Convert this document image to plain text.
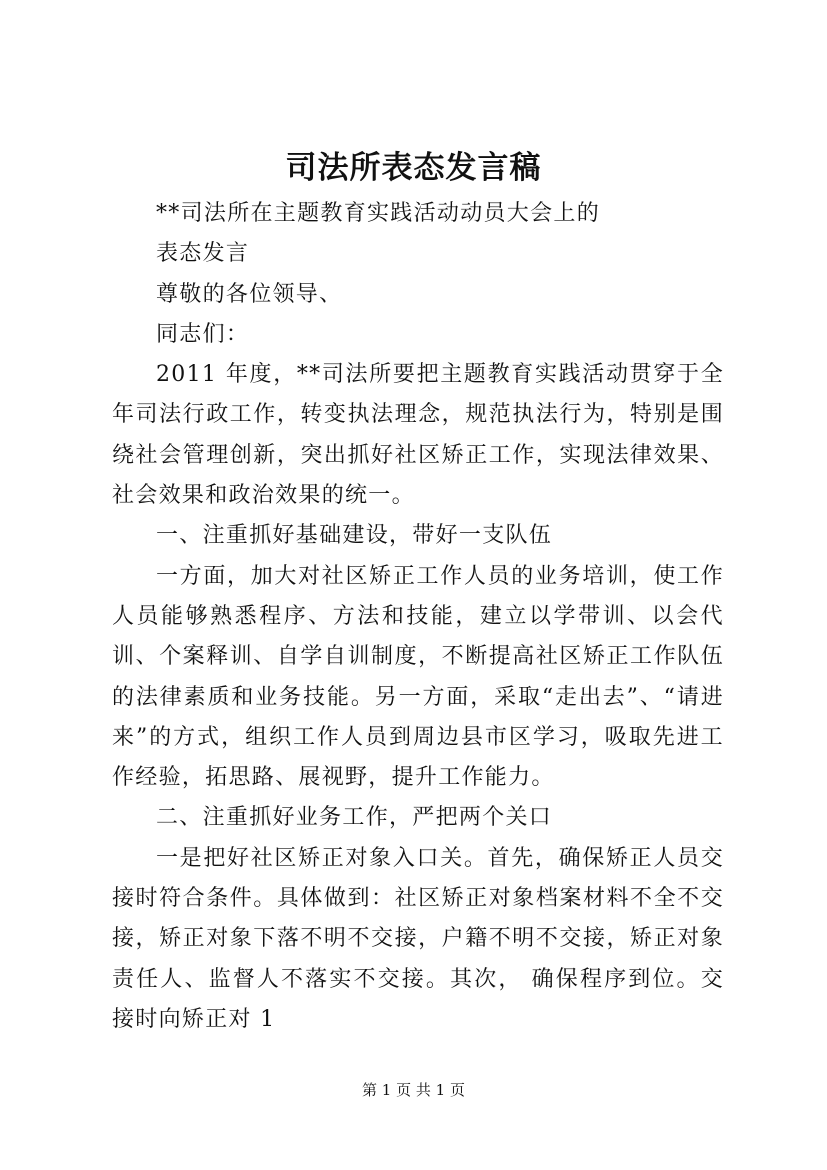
司法所表态发言稿

**司法所在主题教育实践活动动员大会上的

表态发言

尊敬的各位领导、

同志们：

2011 年度，**司法所要把主题教育实践活动贯穿于全年司法行政工作，转变执法理念，规范执法行为，特别是围绕社会管理创新，突出抓好社区矫正工作，实现法律效果、社会效果和政治效果的统一。

一、注重抓好基础建设，带好一支队伍

一方面，加大对社区矫正工作人员的业务培训，使工作人员能够熟悉程序、方法和技能，建立以学带训、以会代训、个案释训、自学自训制度，不断提高社区矫正工作队伍的法律素质和业务技能。另一方面，采取“走出去”、“请进来”的方式，组织工作人员到周边县市区学习，吸取先进工作经验，拓思路、展视野，提升工作能力。

二、注重抓好业务工作，严把两个关口

一是把好社区矫正对象入口关。首先，确保矫正人员交接时符合条件。具体做到：社区矫正对象档案材料不全不交接，矫正对象下落不明不交接，户籍不明不交接，矫正对象责任人、监督人不落实不交接。其次， 确保程序到位。交接时向矫正对 1

第 1 页 共 1 页
